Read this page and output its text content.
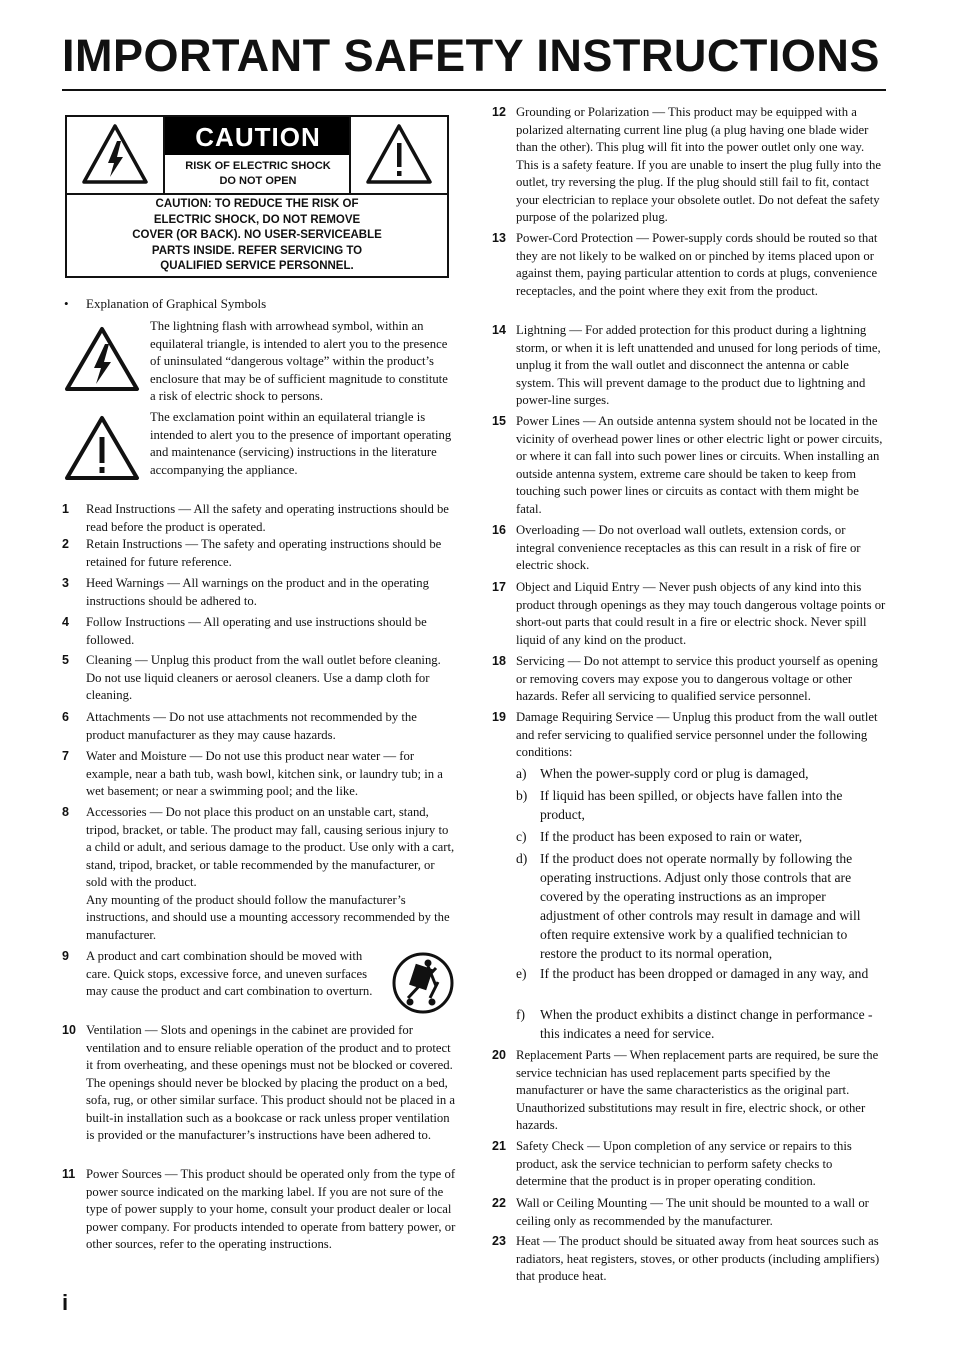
IMPORTANT SAFETY INSTRUCTIONS
CAUTION
RISK OF ELECTRIC SHOCK
DO NOT OPEN
CAUTION: TO REDUCE THE RISK OF
ELECTRIC SHOCK, DO NOT REMOVE
COVER (OR BACK). NO USER-SERVICEABLE
PARTS INSIDE. REFER SERVICING TO
QUALIFIED SERVICE PERSONNEL.
• Explanation of Graphical Symbols

The lightning flash with arrowhead symbol, within an equilateral triangle, is intended to alert you to the presence of uninsulated “dangerous voltage” within the product’s enclosure that may be of sufficient magnitude to constitute a risk of electric shock to persons.

The exclamation point within an equilateral triangle is intended to alert you to the presence of important operating and maintenance (servicing) instructions in the literature accompanying the appliance.

1 Read Instructions — All the safety and operating instructions should be read before the product is operated.

2 Retain Instructions — The safety and operating instructions should be retained for future reference.

3 Heed Warnings — All warnings on the product and in the operating instructions should be adhered to.

4 Follow Instructions — All operating and use instructions should be followed.

5 Cleaning — Unplug this product from the wall outlet before cleaning. Do not use liquid cleaners or aerosol cleaners. Use a damp cloth for cleaning.

6 Attachments — Do not use attachments not recommended by the product manufacturer as they may cause hazards.

7 Water and Moisture — Do not use this product near water — for example, near a bath tub, wash bowl, kitchen sink, or laundry tub; in a wet basement; or near a swimming pool; and the like.

8 Accessories — Do not place this product on an unstable cart, stand, tripod, bracket, or table. The product may fall, causing serious injury to a child or adult, and serious damage to the product. Use only with a cart, stand, tripod, bracket, or table recommended by the manufacturer, or sold with the product.

Any mounting of the product should follow the manufacturer’s instructions, and should use a mounting accessory recommended by the manufacturer.

9 A product and cart combination should be moved with care. Quick stops, excessive force, and uneven surfaces may cause the product and cart combination to overturn.

10 Ventilation — Slots and openings in the cabinet are provided for ventilation and to ensure reliable operation of the product and to protect it from overheating, and these openings must not be blocked or covered. The openings should never be blocked by placing the product on a bed, sofa, rug, or other similar surface. This product should not be placed in a built-in installation such as a bookcase or rack unless proper ventilation is provided or the manufacturer’s instructions have been adhered to.

11 Power Sources — This product should be operated only from the type of power source indicated on the marking label. If you are not sure of the type of power supply to your home, consult your product dealer or local power company. For products intended to operate from battery power, or other sources, refer to the operating instructions.

12 Grounding or Polarization — This product may be equipped with a polarized alternating current line plug (a plug having one blade wider than the other). This plug will fit into the power outlet only one way. This is a safety feature. If you are unable to insert the plug fully into the outlet, try reversing the plug. If the plug should still fail to fit, contact your electrician to replace your obsolete outlet. Do not defeat the safety purpose of the polarized plug.

13 Power-Cord Protection — Power-supply cords should be routed so that they are not likely to be walked on or pinched by items placed upon or against them, paying particular attention to cords at plugs, convenience receptacles, and the point where they exit from the product.

14 Lightning — For added protection for this product during a lightning storm, or when it is left unattended and unused for long periods of time, unplug it from the wall outlet and disconnect the antenna or cable system. This will prevent damage to the product due to lightning and power-line surges.

15 Power Lines — An outside antenna system should not be located in the vicinity of overhead power lines or other electric light or power circuits, or where it can fall into such power lines or circuits. When installing an outside antenna system, extreme care should be taken to keep from touching such power lines or circuits as contact with them might be fatal.

16 Overloading — Do not overload wall outlets, extension cords, or integral convenience receptacles as this can result in a risk of fire or electric shock.

17 Object and Liquid Entry — Never push objects of any kind into this product through openings as they may touch dangerous voltage points or short-out parts that could result in a fire or electric shock. Never spill liquid of any kind on the product.

18 Servicing — Do not attempt to service this product yourself as opening or removing covers may expose you to dangerous voltage or other hazards. Refer all servicing to qualified service personnel.

19 Damage Requiring Service — Unplug this product from the wall outlet and refer servicing to qualified service personnel under the following conditions:

a) When the power-supply cord or plug is damaged,

b) If liquid has been spilled, or objects have fallen into the product,

c) If the product has been exposed to rain or water,

d) If the product does not operate normally by following the operating instructions. Adjust only those controls that are covered by the operating instructions as an improper adjustment of other controls may result in damage and will often require extensive work by a qualified technician to restore the product to its normal operation,

e) If the product has been dropped or damaged in any way, and

f) When the product exhibits a distinct change in performance - this indicates a need for service.

20 Replacement Parts — When replacement parts are required, be sure the service technician has used replacement parts specified by the manufacturer or have the same characteristics as the original part. Unauthorized substitutions may result in fire, electric shock, or other hazards.

21 Safety Check — Upon completion of any service or repairs to this product, ask the service technician to perform safety checks to determine that the product is in proper operating condition.

22 Wall or Ceiling Mounting — The unit should be mounted to a wall or ceiling only as recommended by the manufacturer.

23 Heat — The product should be situated away from heat sources such as radiators, heat registers, stoves, or other products (including amplifiers) that produce heat.

i
